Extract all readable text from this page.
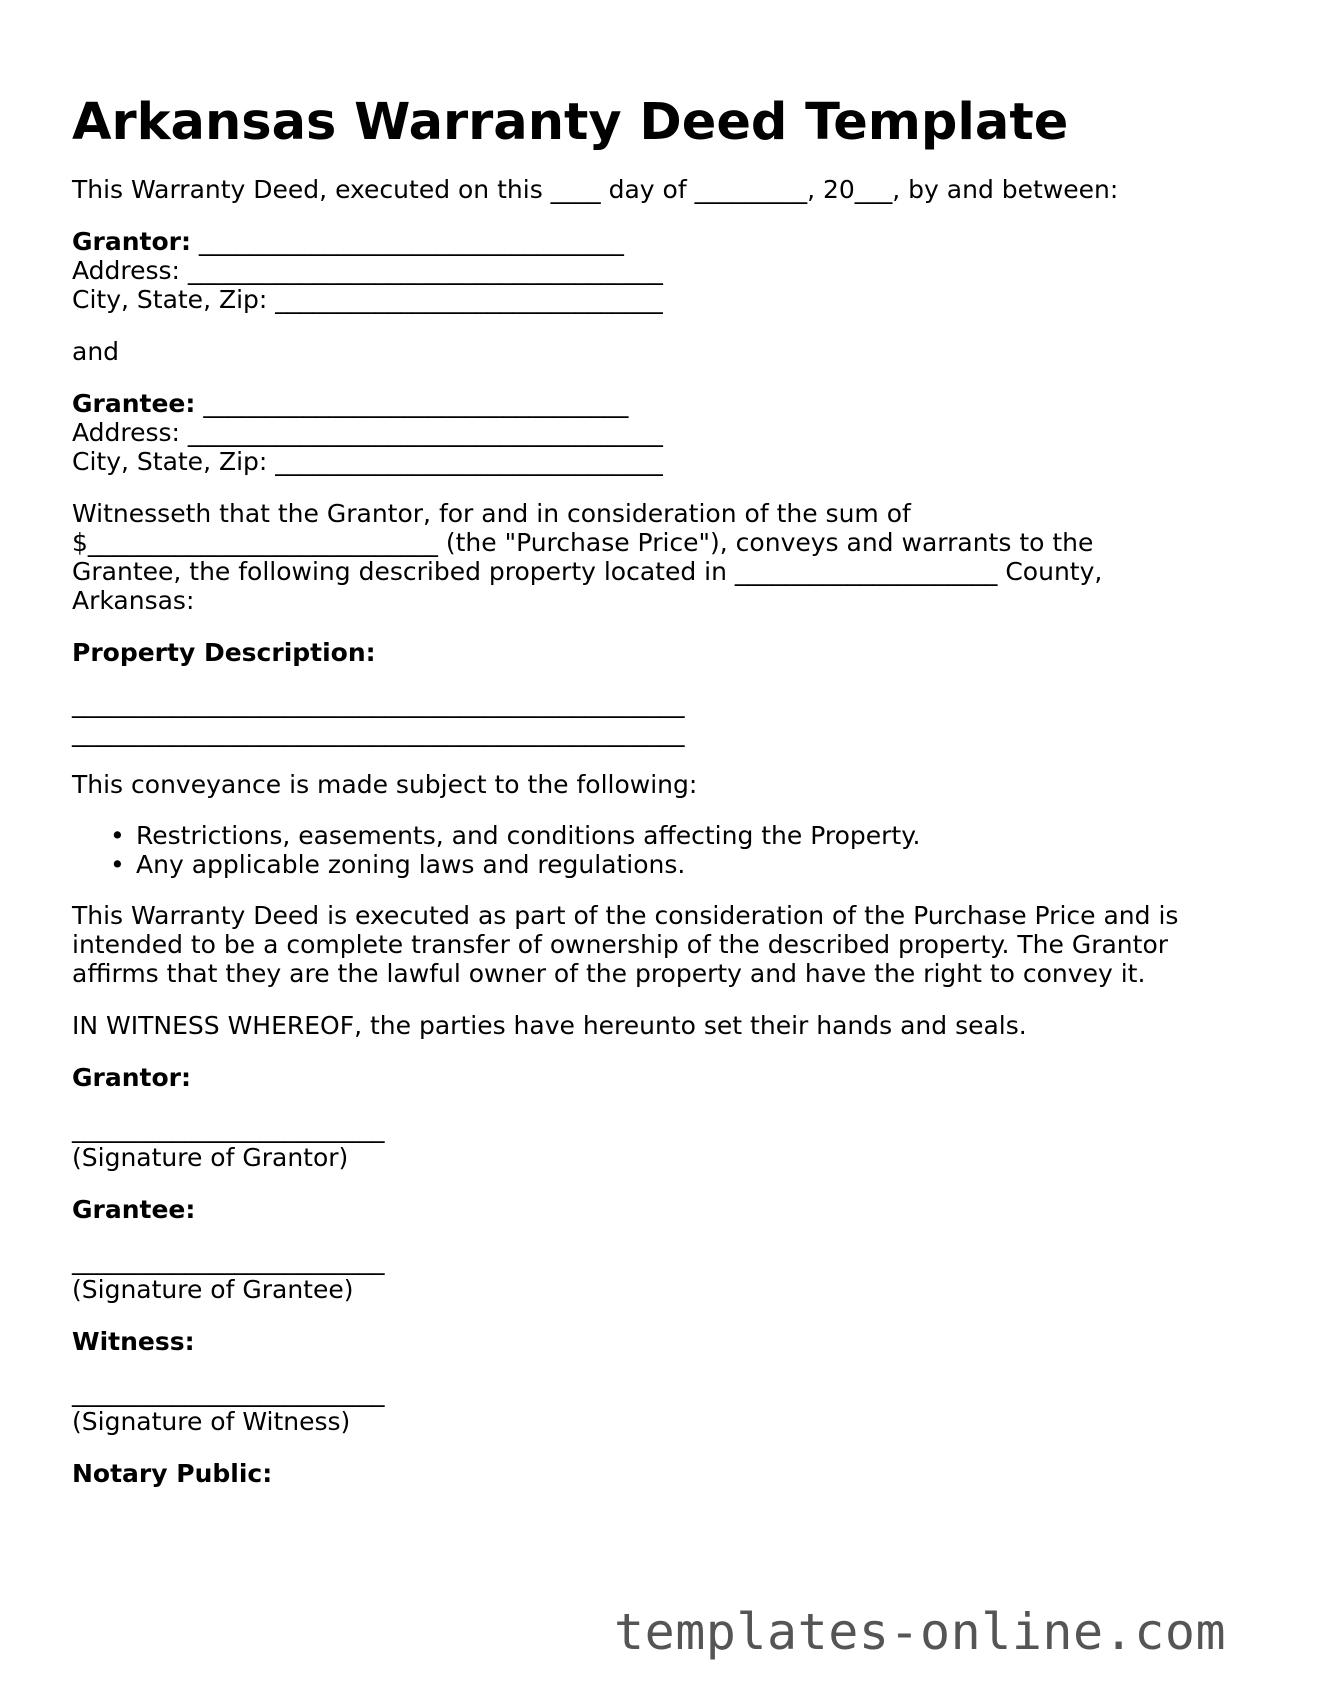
Arkansas Warranty Deed Template

This Warranty Deed, executed on this ____ day of _________, 20___, by and between:

Grantor: __________________________________

Address: ______________________________________

City, State, Zip: _______________________________

and

Grantee: __________________________________

Address: ______________________________________

City, State, Zip: _______________________________

Witnesseth that the Grantor, for and in consideration of the sum of

$____________________________ (the "Purchase Price"), conveys and warrants to the

Grantee, the following described property located in _____________________ County,

Arkansas:

Property Description:

_________________________________________________

_________________________________________________

This conveyance is made subject to the following:

• Restrictions, easements, and conditions affecting the Property.
• Any applicable zoning laws and regulations.

This Warranty Deed is executed as part of the consideration of the Purchase Price and is

intended to be a complete transfer of ownership of the described property. The Grantor

affirms that they are the lawful owner of the property and have the right to convey it.

IN WITNESS WHEREOF, the parties have hereunto set their hands and seals.

Grantor:

_________________________

(Signature of Grantor)

Grantee:

_________________________

(Signature of Grantee)

Witness:

_________________________

(Signature of Witness)

Notary Public:

templates-online.com
